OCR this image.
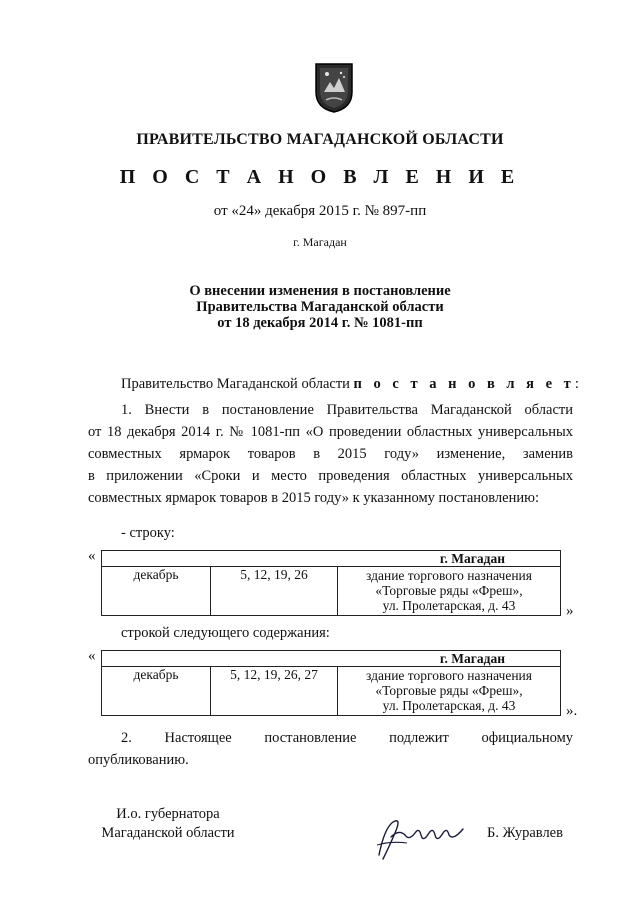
ПРАВИТЕЛЬСТВО МАГАДАНСКОЙ ОБЛАСТИ
П О С Т А Н О В Л Е Н И Е
от «24» декабря 2015 г. № 897-пп
г. Магадан
О внесении изменения в постановление
Правительства Магаданской области
от 18 декабря 2014 г. № 1081-пп
Правительство Магаданской области п о с т а н о в л я е т:
1. Внести в постановление Правительства Магаданской области
от 18 декабря 2014 г. № 1081-пп «О проведении областных универсальных
совместных ярмарок товаров в 2015 году» изменение, заменив
в приложении «Сроки и место проведения областных универсальных
совместных ярмарок товаров в 2015 году» к указанному постановлению:
- строку:
«
		г. Магадан
декабрь	5, 12, 19, 26	здание торгового назначения
«Торговые ряды «Фреш»,
ул. Пролетарская, д. 43	»
строкой следующего содержания:
«
		г. Магадан
декабрь	5, 12, 19, 26, 27	здание торгового назначения
«Торговые ряды «Фреш»,
ул. Пролетарская, д. 43	».
2. Настоящее постановление подлежит официальному
опубликованию.
И.о. губернатора
Магаданской области	Б. Журавлев
